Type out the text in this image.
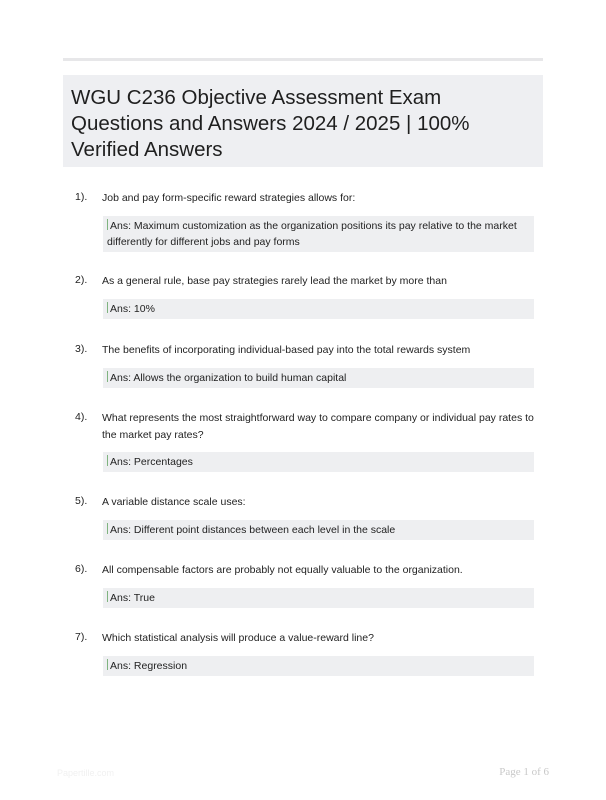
WGU C236 Objective Assessment Exam Questions and Answers 2024 / 2025 | 100% Verified Answers
1). Job and pay form-specific reward strategies allows for:

Ans: Maximum customization as the organization positions its pay relative to the market differently for different jobs and pay forms
2). As a general rule, base pay strategies rarely lead the market by more than

Ans: 10%
3). The benefits of incorporating individual-based pay into the total rewards system

Ans: Allows the organization to build human capital
4). What represents the most straightforward way to compare company or individual pay rates to the market pay rates?

Ans: Percentages
5). A variable distance scale uses:

Ans: Different point distances between each level in the scale
6). All compensable factors are probably not equally valuable to the organization.

Ans: True
7). Which statistical analysis will produce a value-reward line?

Ans: Regression
Papertille.com	Page 1 of 6
